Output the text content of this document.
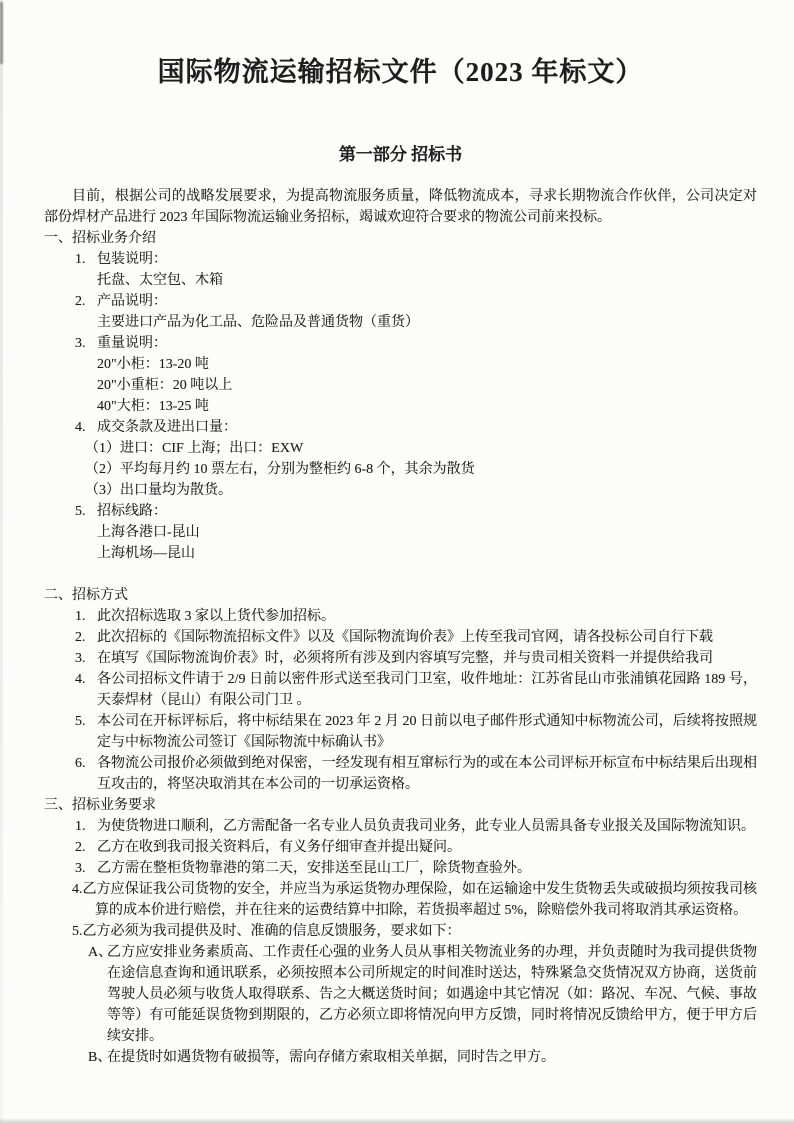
国际物流运输招标文件（2023 年标文）
第一部分 招标书
目前，根据公司的战略发展要求，为提高物流服务质量，降低物流成本，寻求长期物流合作伙伴，公司决定对部份焊材产品进行 2023 年国际物流运输业务招标，竭诚欢迎符合要求的物流公司前来投标。
一、招标业务介绍
1. 包装说明：
托盘、太空包、木箱
2. 产品说明：
主要进口产品为化工品、危险品及普通货物（重货）
3. 重量说明：
20"小柜：13-20 吨
20"小重柜：20 吨以上
40"大柜：13-25 吨
4. 成交条款及进出口量：
（1）进口：CIF 上海；出口：EXW
（2）平均每月约 10 票左右，分别为整柜约 6-8 个，其余为散货
（3）出口量均为散货。
5. 招标线路：
上海各港口-昆山
上海机场—昆山
二、招标方式
1. 此次招标选取 3 家以上货代参加招标。
2. 此次招标的《国际物流招标文件》以及《国际物流询价表》上传至我司官网，请各投标公司自行下载
3. 在填写《国际物流询价表》时，必须将所有涉及到内容填写完整，并与贵司相关资料一并提供给我司
4. 各公司招标文件请于 2/9 日前以密件形式送至我司门卫室，收件地址：江苏省昆山市张浦镇花园路 189 号，天泰焊材（昆山）有限公司门卫 。
5. 本公司在开标评标后，将中标结果在 2023 年 2 月 20 日前以电子邮件形式通知中标物流公司，后续将按照规定与中标物流公司签订《国际物流中标确认书》
6. 各物流公司报价必须做到绝对保密，一经发现有相互窜标行为的或在本公司评标开标宣布中标结果后出现相互攻击的，将坚决取消其在本公司的一切承运资格。
三、招标业务要求
1. 为使货物进口顺利，乙方需配备一名专业人员负责我司业务，此专业人员需具备专业报关及国际物流知识。
2. 乙方在收到我司报关资料后，有义务仔细审查并提出疑问。
3. 乙方需在整柜货物靠港的第二天，安排送至昆山工厂，除货物查验外。
4.乙方应保证我公司货物的安全，并应当为承运货物办理保险，如在运输途中发生货物丢失或破损均须按我司核算的成本价进行赔偿，并在往来的运费结算中扣除，若货损率超过 5%，除赔偿外我司将取消其承运资格。
5.乙方必须为我司提供及时、准确的信息反馈服务，要求如下：
A、
乙方应安排业务素质高、工作责任心强的业务人员从事相关物流业务的办理，并负责随时为我司提供货物在途信息查询和通讯联系，必须按照本公司所规定的时间准时送达，特殊紧急交货情况双方协商，送货前驾驶人员必须与收货人取得联系、告之大概送货时间；如遇途中其它情况（如：路况、车况、气候、事故等等）有可能延误货物到期限的，乙方必须立即将情况向甲方反馈，同时将情况反馈给甲方，便于甲方后续安排。
B、
在提货时如遇货物有破损等，需向存储方索取相关单据，同时告之甲方。
